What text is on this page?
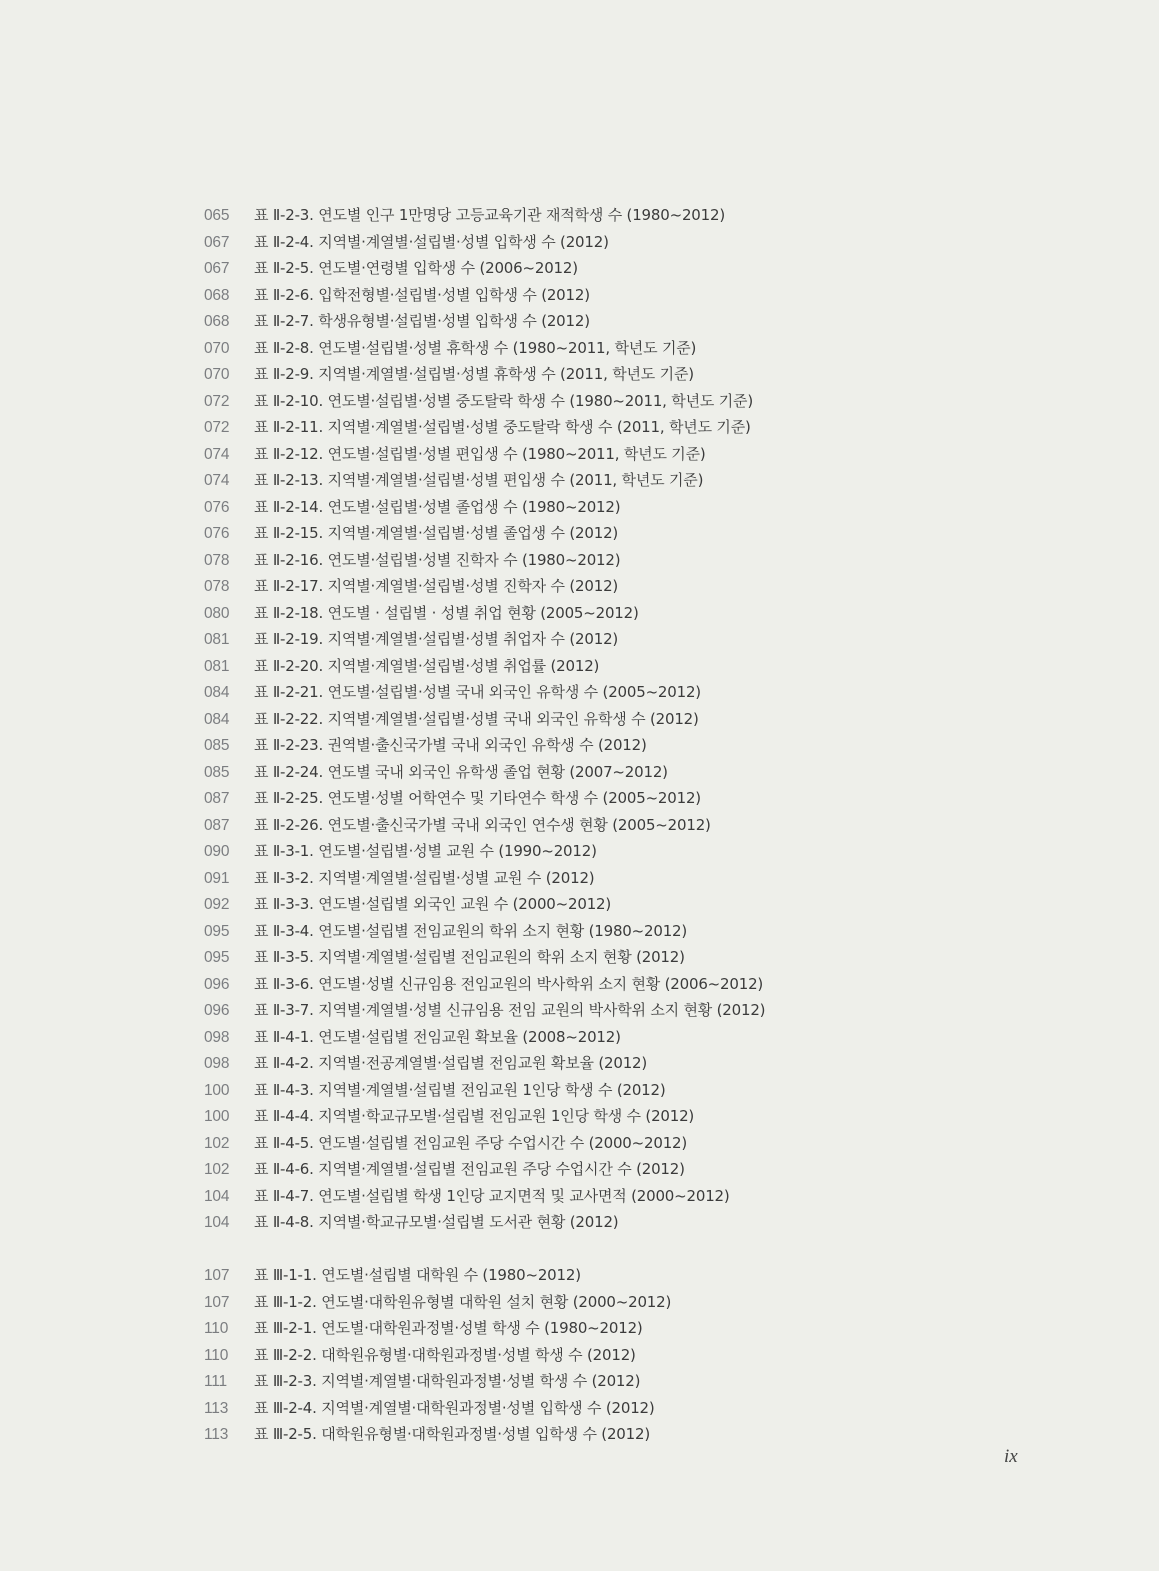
065 표 Ⅱ-2-3. 연도별 인구 1만명당 고등교육기관 재적학생 수 (1980~2012)
067 표 Ⅱ-2-4. 지역별·계열별·설립별·성별 입학생 수 (2012)
067 표 Ⅱ-2-5. 연도별·연령별 입학생 수 (2006~2012)
068 표 Ⅱ-2-6. 입학전형별·설립별·성별 입학생 수 (2012)
068 표 Ⅱ-2-7. 학생유형별·설립별·성별 입학생 수 (2012)
070 표 Ⅱ-2-8. 연도별·설립별·성별 휴학생 수 (1980~2011, 학년도 기준)
070 표 Ⅱ-2-9. 지역별·계열별·설립별·성별 휴학생 수 (2011, 학년도 기준)
072 표 Ⅱ-2-10. 연도별·설립별·성별 중도탈락 학생 수 (1980~2011, 학년도 기준)
072 표 Ⅱ-2-11. 지역별·계열별·설립별·성별 중도탈락 학생 수 (2011, 학년도 기준)
074 표 Ⅱ-2-12. 연도별·설립별·성별 편입생 수 (1980~2011, 학년도 기준)
074 표 Ⅱ-2-13. 지역별·계열별·설립별·성별 편입생 수 (2011, 학년도 기준)
076 표 Ⅱ-2-14. 연도별·설립별·성별 졸업생 수 (1980~2012)
076 표 Ⅱ-2-15. 지역별·계열별·설립별·성별 졸업생 수 (2012)
078 표 Ⅱ-2-16. 연도별·설립별·성별 진학자 수 (1980~2012)
078 표 Ⅱ-2-17. 지역별·계열별·설립별·성별 진학자 수 (2012)
080 표 Ⅱ-2-18. 연도별 · 설립별 · 성별 취업 현황 (2005~2012)
081 표 Ⅱ-2-19. 지역별·계열별·설립별·성별 취업자 수 (2012)
081 표 Ⅱ-2-20. 지역별·계열별·설립별·성별 취업률 (2012)
084 표 Ⅱ-2-21. 연도별·설립별·성별 국내 외국인 유학생 수 (2005~2012)
084 표 Ⅱ-2-22. 지역별·계열별·설립별·성별 국내 외국인 유학생 수 (2012)
085 표 Ⅱ-2-23. 권역별·출신국가별 국내 외국인 유학생 수 (2012)
085 표 Ⅱ-2-24. 연도별 국내 외국인 유학생 졸업 현황 (2007~2012)
087 표 Ⅱ-2-25. 연도별·성별 어학연수 및 기타연수 학생 수 (2005~2012)
087 표 Ⅱ-2-26. 연도별·출신국가별 국내 외국인 연수생 현황 (2005~2012)
090 표 Ⅱ-3-1. 연도별·설립별·성별 교원 수 (1990~2012)
091 표 Ⅱ-3-2. 지역별·계열별·설립별·성별 교원 수 (2012)
092 표 Ⅱ-3-3. 연도별·설립별 외국인 교원 수 (2000~2012)
095 표 Ⅱ-3-4. 연도별·설립별 전임교원의 학위 소지 현황 (1980~2012)
095 표 Ⅱ-3-5. 지역별·계열별·설립별 전임교원의 학위 소지 현황 (2012)
096 표 Ⅱ-3-6. 연도별·성별 신규임용 전임교원의 박사학위 소지 현황 (2006~2012)
096 표 Ⅱ-3-7. 지역별·계열별·성별 신규임용 전임 교원의 박사학위 소지 현황 (2012)
098 표 Ⅱ-4-1. 연도별·설립별 전임교원 확보율 (2008~2012)
098 표 Ⅱ-4-2. 지역별·전공계열별·설립별 전임교원 확보율 (2012)
100 표 Ⅱ-4-3. 지역별·계열별·설립별 전임교원 1인당 학생 수 (2012)
100 표 Ⅱ-4-4. 지역별·학교규모별·설립별 전임교원 1인당 학생 수 (2012)
102 표 Ⅱ-4-5. 연도별·설립별 전임교원 주당 수업시간 수 (2000~2012)
102 표 Ⅱ-4-6. 지역별·계열별·설립별 전임교원 주당 수업시간 수 (2012)
104 표 Ⅱ-4-7. 연도별·설립별 학생 1인당 교지면적 및 교사면적 (2000~2012)
104 표 Ⅱ-4-8. 지역별·학교규모별·설립별 도서관 현황 (2012)
107 표 Ⅲ-1-1. 연도별·설립별 대학원 수 (1980~2012)
107 표 Ⅲ-1-2. 연도별·대학원유형별 대학원 설치 현황 (2000~2012)
110 표 Ⅲ-2-1. 연도별·대학원과정별·성별 학생 수 (1980~2012)
110 표 Ⅲ-2-2. 대학원유형별·대학원과정별·성별 학생 수 (2012)
111 표 Ⅲ-2-3. 지역별·계열별·대학원과정별·성별 학생 수 (2012)
113 표 Ⅲ-2-4. 지역별·계열별·대학원과정별·성별 입학생 수 (2012)
113 표 Ⅲ-2-5. 대학원유형별·대학원과정별·성별 입학생 수 (2012)
ix
